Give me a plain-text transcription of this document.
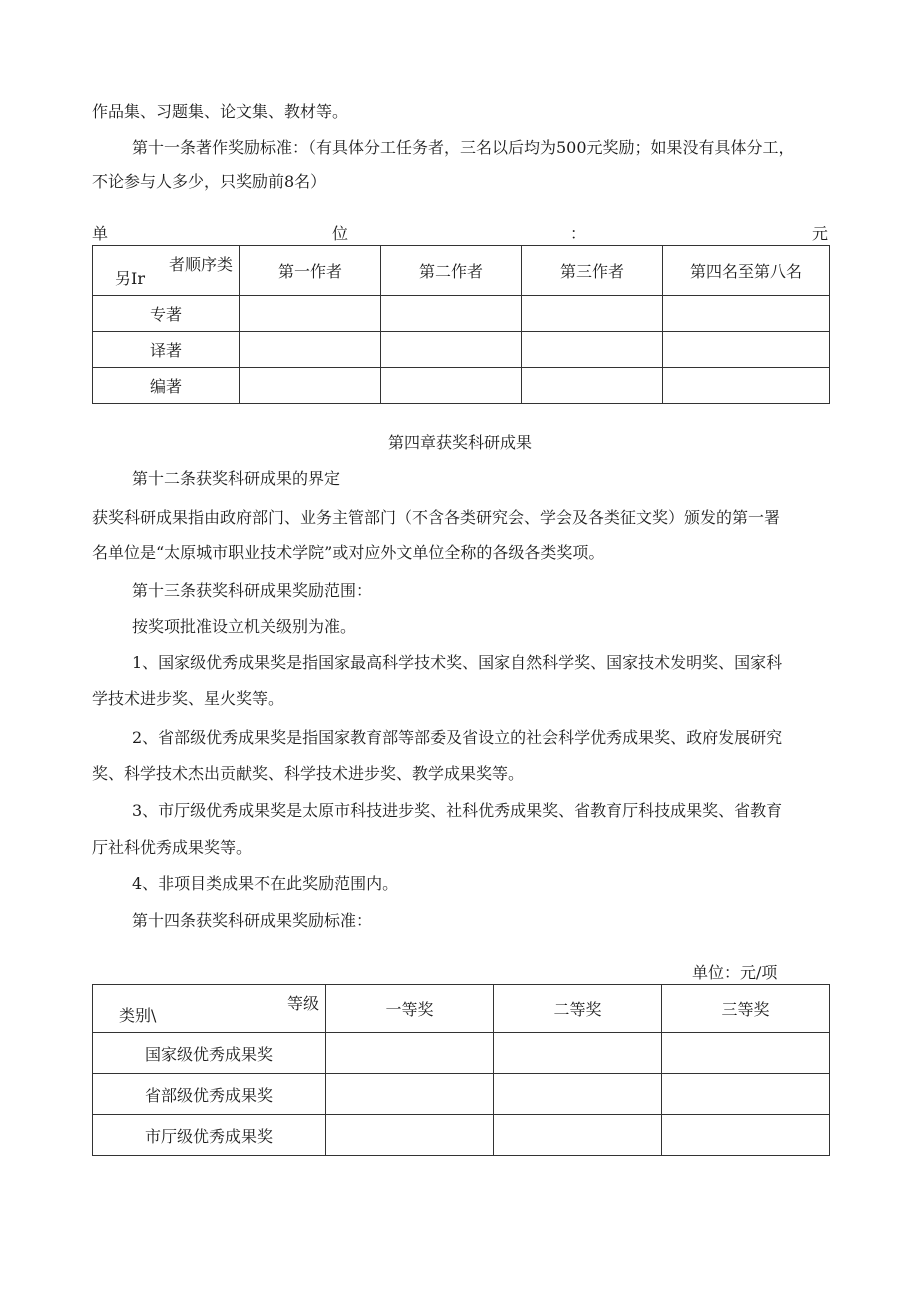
作品集、习题集、论文集、教材等。
第十一条著作奖励标准：（有具体分工任务者，三名以后均为500元奖励；如果没有具体分工，
不论参与人多少，只奖励前8名）
单	位	：	元
者顺序类
另Ir	第一作者	第二作者	第三作者	第四名至第八名
专著				
译著				
编著				
第四章获奖科研成果
第十二条获奖科研成果的界定
获奖科研成果指由政府部门、业务主管部门（不含各类研究会、学会及各类征文奖）颁发的第一署
名单位是“太原城市职业技术学院”或对应外文单位全称的各级各类奖项。
第十三条获奖科研成果奖励范围：
按奖项批准设立机关级别为准。
1、国家级优秀成果奖是指国家最高科学技术奖、国家自然科学奖、国家技术发明奖、国家科
学技术进步奖、星火奖等。
2、省部级优秀成果奖是指国家教育部等部委及省设立的社会科学优秀成果奖、政府发展研究
奖、科学技术杰出贡献奖、科学技术进步奖、教学成果奖等。
3、市厅级优秀成果奖是太原市科技进步奖、社科优秀成果奖、省教育厅科技成果奖、省教育
厅社科优秀成果奖等。
4、非项目类成果不在此奖励范围内。
第十四条获奖科研成果奖励标准：
单位：元/项
等级
类别\	一等奖	二等奖	三等奖
国家级优秀成果奖			
省部级优秀成果奖			
市厅级优秀成果奖			
